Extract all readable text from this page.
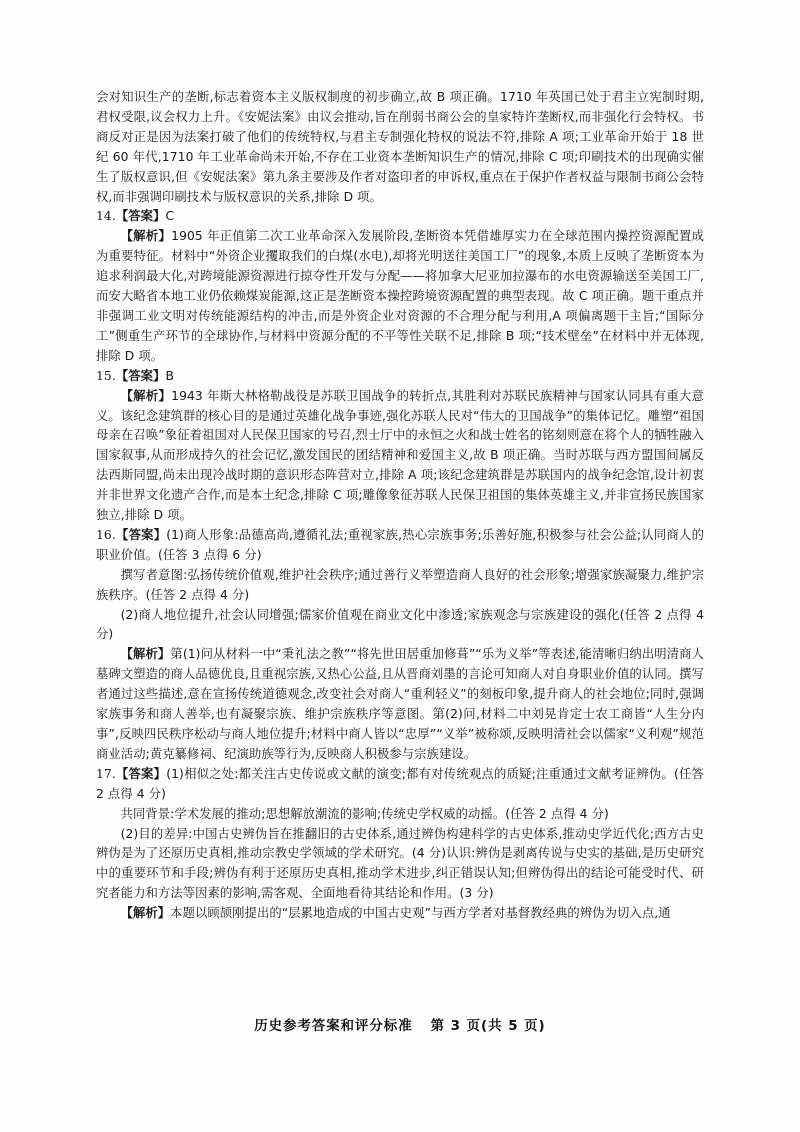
会对知识生产的垄断,标志着资本主义版权制度的初步确立,故 B 项正确。1710 年英国已处于君主立宪制时期,君权受限,议会权力上升。《安妮法案》由议会推动,旨在削弱书商公会的皇家特许垄断权,而非强化行会特权。书商反对正是因为法案打破了他们的传统特权,与君主专制强化特权的说法不符,排除 A 项;工业革命开始于 18 世纪 60 年代,1710 年工业革命尚未开始,不存在工业资本垄断知识生产的情况,排除 C 项;印刷技术的出现确实催生了版权意识,但《安妮法案》第九条主要涉及作者对盗印者的申诉权,重点在于保护作者权益与限制书商公会特权,而非强调印刷技术与版权意识的关系,排除 D 项。

14.【答案】C

【解析】1905 年正值第二次工业革命深入发展阶段,垄断资本凭借雄厚实力在全球范围内操控资源配置成为重要特征。材料中“外资企业攫取我们的白煤(水电),却将光明送往美国工厂”的现象,本质上反映了垄断资本为追求利润最大化,对跨境能源资源进行掠夺性开发与分配——将加拿大尼亚加拉瀑布的水电资源输送至美国工厂,而安大略省本地工业仍依赖煤炭能源,这正是垄断资本操控跨境资源配置的典型表现。故 C 项正确。题干重点并非强调工业文明对传统能源结构的冲击,而是外资企业对资源的不合理分配与利用,A 项偏离题干主旨;“国际分工”侧重生产环节的全球协作,与材料中资源分配的不平等性关联不足,排除 B 项;“技术壁垒”在材料中并无体现,排除 D 项。

15.【答案】B

【解析】1943 年斯大林格勒战役是苏联卫国战争的转折点,其胜利对苏联民族精神与国家认同具有重大意义。该纪念建筑群的核心目的是通过英雄化战争事迹,强化苏联人民对“伟大的卫国战争”的集体记忆。雕塑“祖国母亲在召唤”象征着祖国对人民保卫国家的号召,烈士厅中的永恒之火和战士姓名的铭刻则意在将个人的牺牲融入国家叙事,从而形成持久的社会记忆,激发国民的团结精神和爱国主义,故 B 项正确。当时苏联与西方盟国间属反法西斯同盟,尚未出现冷战时期的意识形态阵营对立,排除 A 项;该纪念建筑群是苏联国内的战争纪念馆,设计初衷并非世界文化遗产合作,而是本土纪念,排除 C 项;雕像象征苏联人民保卫祖国的集体英雄主义,并非宣扬民族国家独立,排除 D 项。

16.【答案】(1)商人形象:品德高尚,遵循礼法;重视家族,热心宗族事务;乐善好施,积极参与社会公益;认同商人的职业价值。(任答 3 点得 6 分)

撰写者意图:弘扬传统价值观,维护社会秩序;通过善行义举塑造商人良好的社会形象;增强家族凝聚力,维护宗族秩序。(任答 2 点得 4 分)

(2)商人地位提升,社会认同增强;儒家价值观在商业文化中渗透;家族观念与宗族建设的强化(任答 2 点得 4 分)

【解析】第(1)问从材料一中“秉礼法之教”“将先世田居重加修葺”“乐为义举”等表述,能清晰归纳出明清商人墓碑文塑造的商人品德优良,且重视宗族,又热心公益,且从晋商刘墨的言论可知商人对自身职业价值的认同。撰写者通过这些描述,意在宣扬传统道德观念,改变社会对商人“重利轻义”的刻板印象,提升商人的社会地位;同时,强调家族事务和商人善举,也有凝聚宗族、维护宗族秩序等意图。第(2)问,材料二中刘晃肯定士农工商皆“人生分内事”,反映四民秩序松动与商人地位提升;材料中商人皆以“忠厚”“义举”被称颂,反映明清社会以儒家“义利观”规范商业活动;黄克纂修祠、纪演助族等行为,反映商人积极参与宗族建设。

17.【答案】(1)相似之处:都关注古史传说或文献的演变;都有对传统观点的质疑;注重通过文献考证辨伪。(任答 2 点得 4 分)

共同背景:学术发展的推动;思想解放潮流的影响;传统史学权威的动摇。(任答 2 点得 4 分)

(2)目的差异:中国古史辨伪旨在推翻旧的古史体系,通过辨伪构建科学的古史体系,推动史学近代化;西方古史辨伪是为了还原历史真相,推动宗教史学领域的学术研究。(4 分)认识:辨伪是剥离传说与史实的基础,是历史研究中的重要环节和手段;辨伪有利于还原历史真相,推动学术进步,纠正错误认知;但辨伪得出的结论可能受时代、研究者能力和方法等因素的影响,需客观、全面地看待其结论和作用。(3 分)

【解析】本题以顾颉刚提出的“层累地造成的中国古史观”与西方学者对基督教经典的辨伪为切入点,通

历史参考答案和评分标准 第 3 页(共 5 页)
